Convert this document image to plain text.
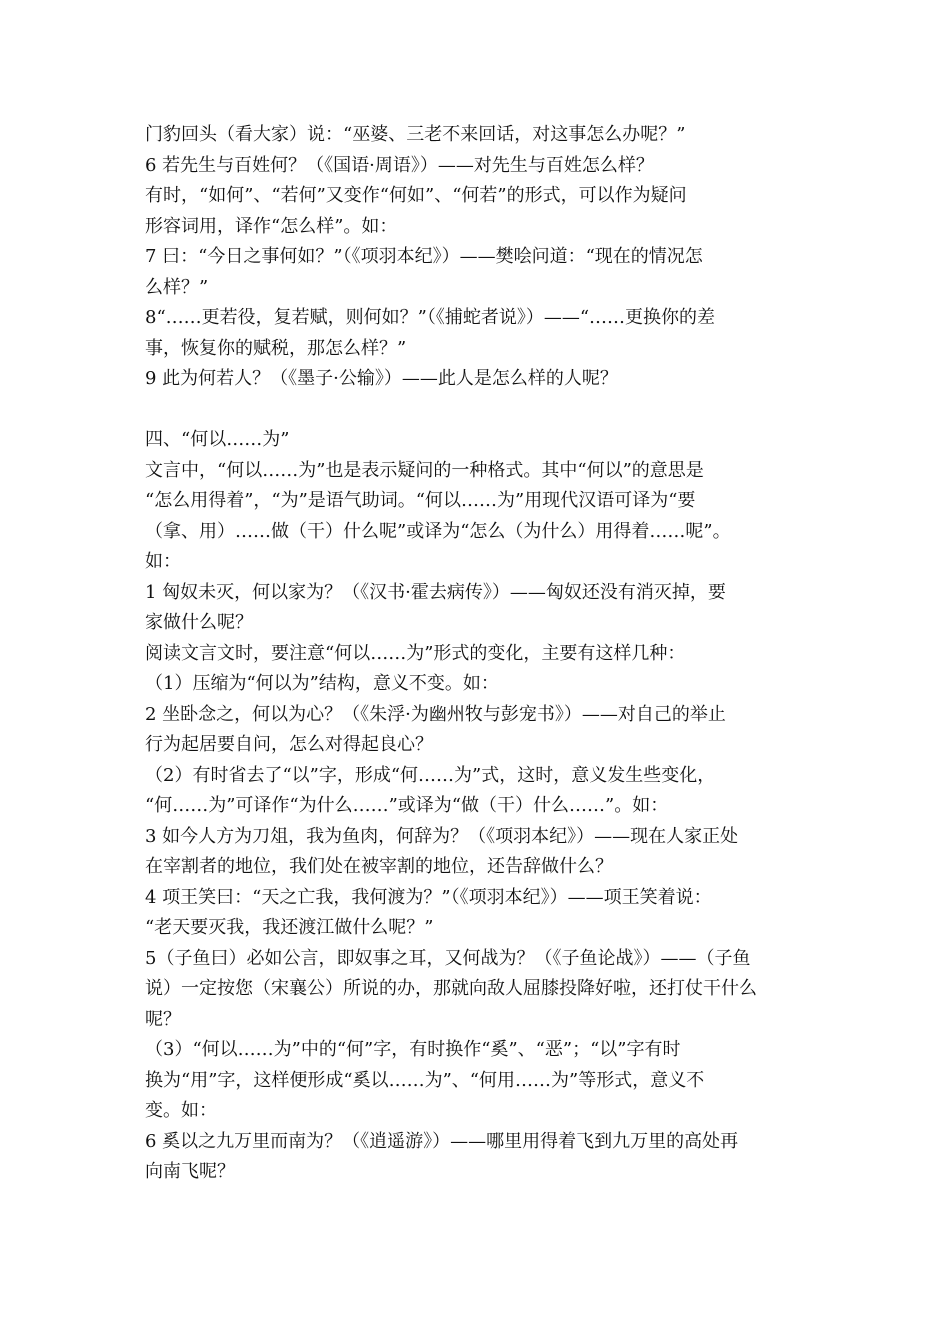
门豹回头（看大家）说：“巫婆、三老不来回话，对这事怎么办呢？”
6 若先生与百姓何？（《国语·周语》）——对先生与百姓怎么样？
有时，“如何”、“若何”又变作“何如”、“何若”的形式，可以作为疑问
形容词用，译作“怎么样”。如：
7 曰：“今日之事何如？”（《项羽本纪》）——樊哙问道：“现在的情况怎
么样？”
8“……更若役，复若赋，则何如？”（《捕蛇者说》）——“……更换你的差
事，恢复你的赋税，那怎么样？”
9 此为何若人？（《墨子·公输》）——此人是怎么样的人呢？
四、“何以……为”
文言中，“何以……为”也是表示疑问的一种格式。其中“何以”的意思是
“怎么用得着”，“为”是语气助词。“何以……为”用现代汉语可译为“要
（拿、用）……做（干）什么呢”或译为“怎么（为什么）用得着……呢”。
如：
1 匈奴未灭，何以家为？（《汉书·霍去病传》）——匈奴还没有消灭掉，要
家做什么呢？
阅读文言文时，要注意“何以……为”形式的变化，主要有这样几种：
（1）压缩为“何以为”结构，意义不变。如：
2 坐卧念之，何以为心？（《朱浮·为幽州牧与彭宠书》）——对自己的举止
行为起居要自问，怎么对得起良心？
（2）有时省去了“以”字，形成“何……为”式，这时，意义发生些变化，
“何……为”可译作“为什么……”或译为“做（干）什么……”。如：
3 如今人方为刀俎，我为鱼肉，何辞为？（《项羽本纪》）——现在人家正处
在宰割者的地位，我们处在被宰割的地位，还告辞做什么？
4 项王笑曰：“天之亡我，我何渡为？”（《项羽本纪》）——项王笑着说：
“老天要灭我，我还渡江做什么呢？”
5（子鱼曰）必如公言，即奴事之耳，又何战为？（《子鱼论战》）——（子鱼
说）一定按您（宋襄公）所说的办，那就向敌人屈膝投降好啦，还打仗干什么
呢？
（3）“何以……为”中的“何”字，有时换作“奚”、“恶”；“以”字有时
换为“用”字，这样便形成“奚以……为”、“何用……为”等形式，意义不
变。如：
6 奚以之九万里而南为？（《逍遥游》）——哪里用得着飞到九万里的高处再
向南飞呢？
